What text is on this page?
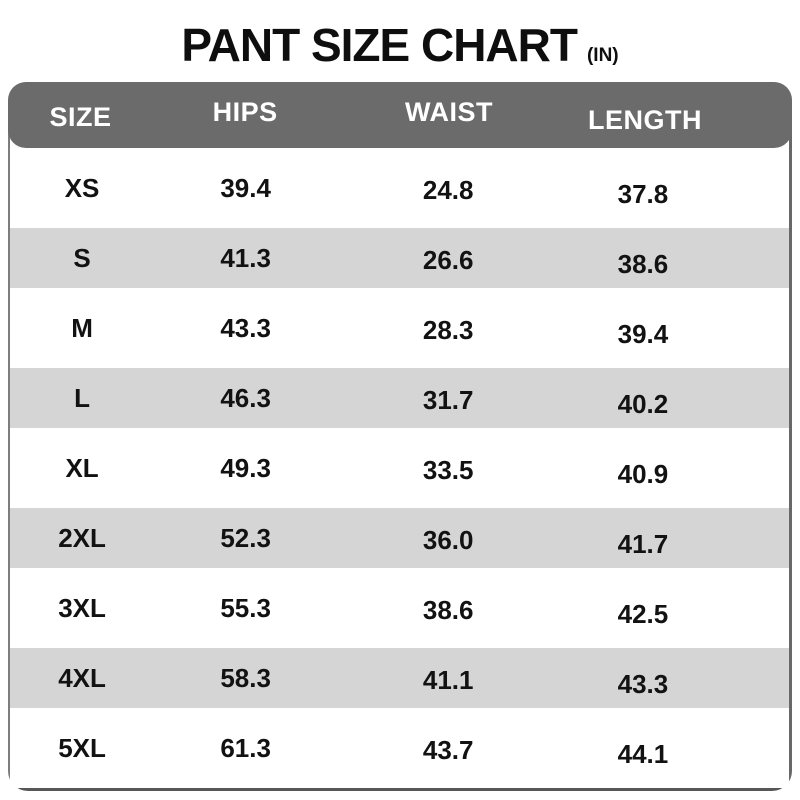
PANT SIZE CHART (IN)
SIZE	HIPS	WAIST	LENGTH
XS	39.4	24.8	37.8
S	41.3	26.6	38.6
M	43.3	28.3	39.4
L	46.3	31.7	40.2
XL	49.3	33.5	40.9
2XL	52.3	36.0	41.7
3XL	55.3	38.6	42.5
4XL	58.3	41.1	43.3
5XL	61.3	43.7	44.1
